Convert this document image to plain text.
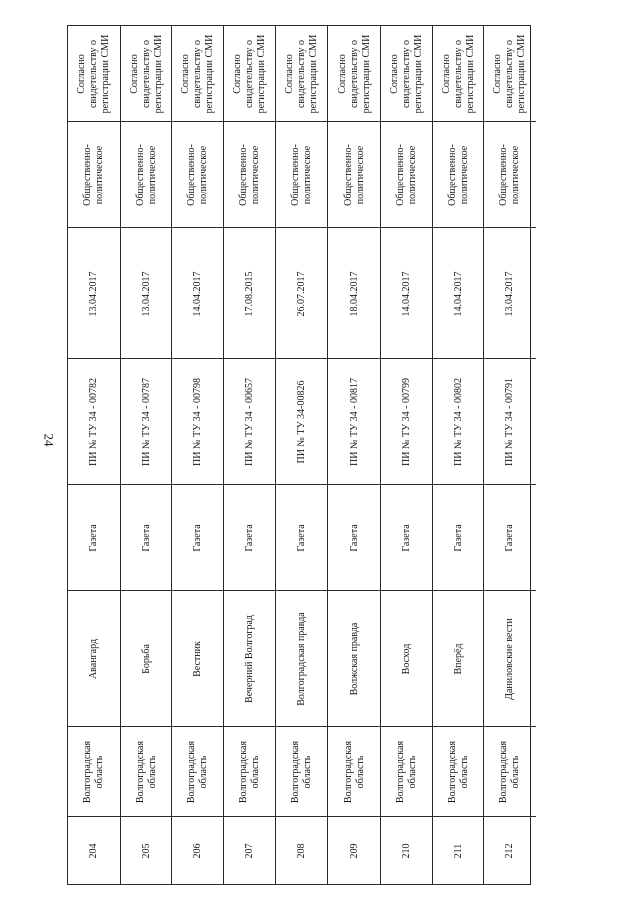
24
Согласно свидетельству о регистрации СМИ
Общественно-политическое
13.04.2017
ПИ № ТУ 34 - 00782
Газета
Авангард
Волгоградская область
204
Согласно свидетельству о регистрации СМИ
Общественно-политическое
13.04.2017
ПИ № ТУ 34 - 00787
Газета
Борьба
Волгоградская область
205
Согласно свидетельству о регистрации СМИ
Общественно-политическое
14.04.2017
ПИ № ТУ 34 - 00798
Газета
Вестник
Волгоградская область
206
Согласно свидетельству о регистрации СМИ
Общественно-политическое
17.08.2015
ПИ № ТУ 34 - 00657
Газета
Вечерний Волгоград
Волгоградская область
207
Согласно свидетельству о регистрации СМИ
Общественно-политическое
26.07.2017
ПИ № ТУ 34-00826
Газета
Волгоградская правда
Волгоградская область
208
Согласно свидетельству о регистрации СМИ
Общественно-политическое
18.04.2017
ПИ № ТУ 34 - 00817
Газета
Волжская правда
Волгоградская область
209
Согласно свидетельству о регистрации СМИ
Общественно-политическое
14.04.2017
ПИ № ТУ 34 - 00799
Газета
Восход
Волгоградская область
210
Согласно свидетельству о регистрации СМИ
Общественно-политическое
14.04.2017
ПИ № ТУ 34 - 00802
Газета
Вперёд
Волгоградская область
211
Согласно свидетельству о регистрации СМИ
Общественно-политическое
13.04.2017
ПИ № ТУ 34 - 00791
Газета
Даниловские вести
Волгоградская область
212
